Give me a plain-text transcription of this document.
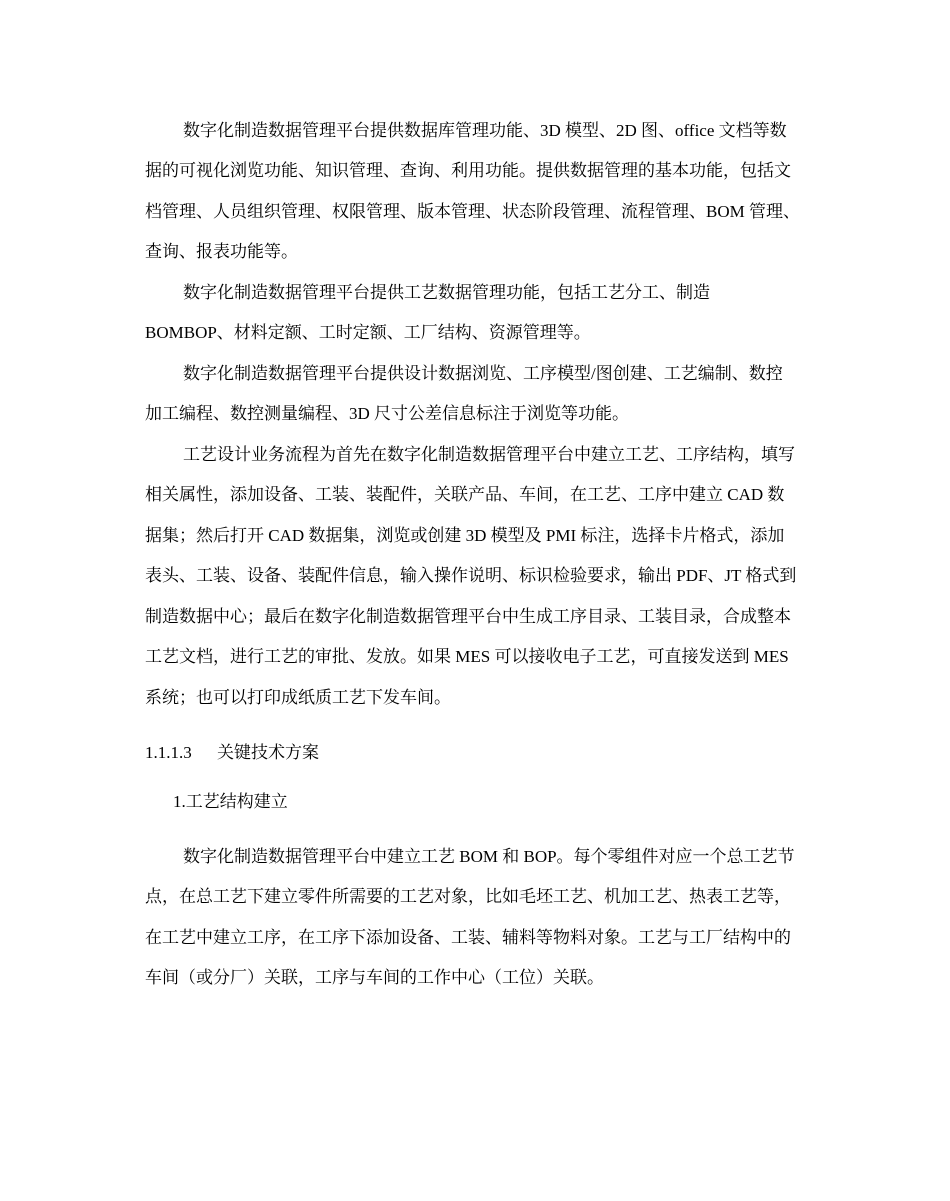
数字化制造数据管理平台提供数据库管理功能、3D 模型、2D 图、office 文档等数
据的可视化浏览功能、知识管理、查询、利用功能。提供数据管理的基本功能，包括文
档管理、人员组织管理、权限管理、版本管理、状态阶段管理、流程管理、BOM 管理、
查询、报表功能等。
数字化制造数据管理平台提供工艺数据管理功能，包括工艺分工、制造
BOMBOP、材料定额、工时定额、工厂结构、资源管理等。
数字化制造数据管理平台提供设计数据浏览、工序模型/图创建、工艺编制、数控
加工编程、数控测量编程、3D 尺寸公差信息标注于浏览等功能。
工艺设计业务流程为首先在数字化制造数据管理平台中建立工艺、工序结构，填写
相关属性，添加设备、工装、装配件，关联产品、车间，在工艺、工序中建立 CAD 数
据集；然后打开 CAD 数据集，浏览或创建 3D 模型及 PMI 标注，选择卡片格式，添加
表头、工装、设备、装配件信息，输入操作说明、标识检验要求，输出 PDF、JT 格式到
制造数据中心；最后在数字化制造数据管理平台中生成工序目录、工装目录，合成整本
工艺文档，进行工艺的审批、发放。如果 MES 可以接收电子工艺，可直接发送到 MES
系统；也可以打印成纸质工艺下发车间。
1.1.1.3 关键技术方案
1.工艺结构建立
数字化制造数据管理平台中建立工艺 BOM 和 BOP。每个零组件对应一个总工艺节
点，在总工艺下建立零件所需要的工艺对象，比如毛坯工艺、机加工艺、热表工艺等，
在工艺中建立工序，在工序下添加设备、工装、辅料等物料对象。工艺与工厂结构中的
车间（或分厂）关联，工序与车间的工作中心（工位）关联。
